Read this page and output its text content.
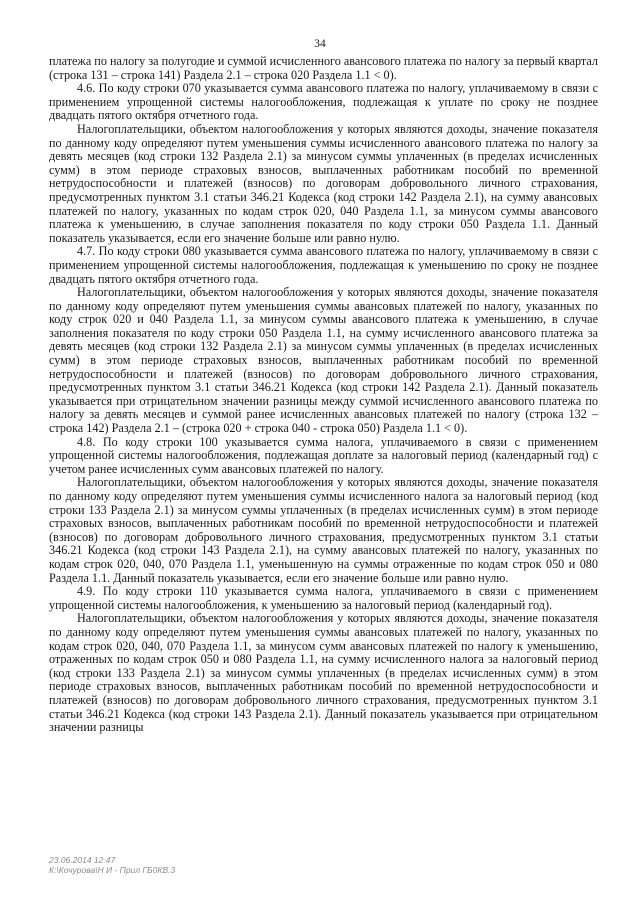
34

платежа по налогу за полугодие и суммой исчисленного авансового платежа по налогу за первый квартал (строка 131 – строка 141) Раздела 2.1 – строка 020 Раздела 1.1 < 0).

4.6. По коду строки 070 указывается сумма авансового платежа по налогу, уплачиваемому в связи с применением упрощенной системы налогообложения, подлежащая к уплате по сроку не позднее двадцать пятого октября отчетного года.

Налогоплательщики, объектом налогообложения у которых являются доходы, значение показателя по данному коду определяют путем уменьшения суммы исчисленного авансового платежа по налогу за девять месяцев (код строки 132 Раздела 2.1) за минусом суммы уплаченных (в пределах исчисленных сумм) в этом периоде страховых взносов, выплаченных работникам пособий по временной нетрудоспособности и платежей (взносов) по договорам добровольного личного страхования, предусмотренных пунктом 3.1 статьи 346.21 Кодекса (код строки 142 Раздела 2.1), на сумму авансовых платежей по налогу, указанных по кодам строк 020, 040 Раздела 1.1, за минусом суммы авансового платежа к уменьшению, в случае заполнения показателя по коду строки 050 Раздела 1.1. Данный показатель указывается, если его значение больше или равно нулю.

4.7. По коду строки 080 указывается сумма авансового платежа по налогу, уплачиваемому в связи с применением упрощенной системы налогообложения, подлежащая к уменьшению по сроку не позднее двадцать пятого октября отчетного года.

Налогоплательщики, объектом налогообложения у которых являются доходы, значение показателя по данному коду определяют путем уменьшения суммы авансовых платежей по налогу, указанных по коду строк 020 и 040 Раздела 1.1, за минусом суммы авансового платежа к уменьшению, в случае заполнения показателя по коду строки 050 Раздела 1.1, на сумму исчисленного авансового платежа за девять месяцев (код строки 132 Раздела 2.1) за минусом суммы уплаченных (в пределах исчисленных сумм) в этом периоде страховых взносов, выплаченных работникам пособий по временной нетрудоспособности и платежей (взносов) по договорам добровольного личного страхования, предусмотренных пунктом 3.1 статьи 346.21 Кодекса (код строки 142 Раздела 2.1). Данный показатель указывается при отрицательном значении разницы между суммой исчисленного авансового платежа по налогу за девять месяцев и суммой ранее исчисленных авансовых платежей по налогу (строка 132 – строка 142) Раздела 2.1 – (строка 020 + строка 040 - строка 050) Раздела 1.1 < 0).

4.8. По коду строки 100 указывается сумма налога, уплачиваемого в связи с применением упрощенной системы налогообложения, подлежащая доплате за налоговый период (календарный год) с учетом ранее исчисленных сумм авансовых платежей по налогу.

Налогоплательщики, объектом налогообложения у которых являются доходы, значение показателя по данному коду определяют путем уменьшения суммы исчисленного налога за налоговый период (код строки 133 Раздела 2.1) за минусом суммы уплаченных (в пределах исчисленных сумм) в этом периоде страховых взносов, выплаченных работникам пособий по временной нетрудоспособности и платежей (взносов) по договорам добровольного личного страхования, предусмотренных пунктом 3.1 статьи 346.21 Кодекса (код строки 143 Раздела 2.1), на сумму авансовых платежей по налогу, указанных по кодам строк 020, 040, 070 Раздела 1.1, уменьшенную на суммы отраженные по кодам строк 050 и 080 Раздела 1.1. Данный показатель указывается, если его значение больше или равно нулю.

4.9. По коду строки 110 указывается сумма налога, уплачиваемого в связи с применением упрощенной системы налогообложения, к уменьшению за налоговый период (календарный год).

Налогоплательщики, объектом налогообложения у которых являются доходы, значение показателя по данному коду определяют путем уменьшения суммы авансовых платежей по налогу, указанных по кодам строк 020, 040, 070 Раздела 1.1, за минусом сумм авансовых платежей по налогу к уменьшению, отраженных по кодам строк 050 и 080 Раздела 1.1, на сумму исчисленного налога за налоговый период (код строки 133 Раздела 2.1) за минусом суммы уплаченных (в пределах исчисленных сумм) в этом периоде страховых взносов, выплаченных работникам пособий по временной нетрудоспособности и платежей (взносов) по договорам добровольного личного страхования, предусмотренных пунктом 3.1 статьи 346.21 Кодекса (код строки 143 Раздела 2.1). Данный показатель указывается при отрицательном значении разницы

23.06.2014 12:47
К:\Кочурова\Н И - Прил ГБ0КВ.3
